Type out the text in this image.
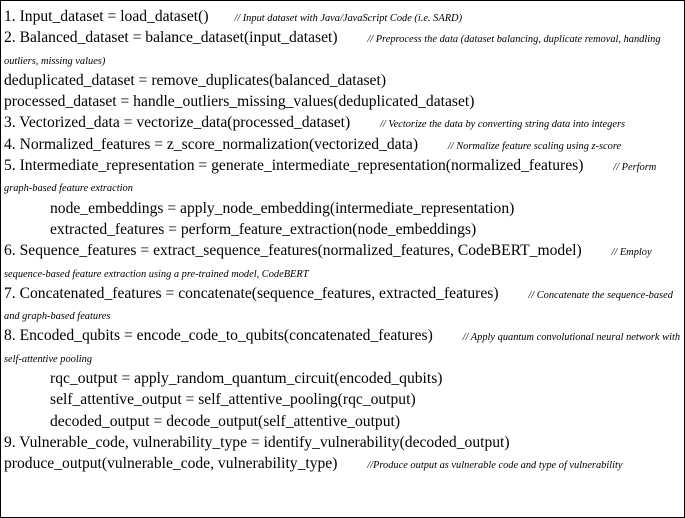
1. Input_dataset = load_dataset() // Input dataset with Java/JavaScript Code (i.e. SARD)
2. Balanced_dataset = balance_dataset(input_dataset)	// Preprocess the data (dataset balancing, duplicate removal, handling outliers, missing values)
deduplicated_dataset = remove_duplicates(balanced_dataset)
processed_dataset = handle_outliers_missing_values(deduplicated_dataset)
3. Vectorized_data = vectorize_data(processed_dataset)	// Vectorize the data by converting string data into integers
4. Normalized_features = z_score_normalization(vectorized_data)	// Normalize feature scaling using z-score
5. Intermediate_representation = generate_intermediate_representation(normalized_features)	// Perform graph-based feature extraction
node_embeddings = apply_node_embedding(intermediate_representation)
extracted_features = perform_feature_extraction(node_embeddings)
6. Sequence_features = extract_sequence_features(normalized_features, CodeBERT_model)	// Employ sequence-based feature extraction using a pre-trained model, CodeBERT
7. Concatenated_features = concatenate(sequence_features, extracted_features)	// Concatenate the sequence-based and graph-based features
8. Encoded_qubits = encode_code_to_qubits(concatenated_features)	// Apply quantum convolutional neural network with self-attentive pooling
rqc_output = apply_random_quantum_circuit(encoded_qubits)
self_attentive_output = self_attentive_pooling(rqc_output)
decoded_output = decode_output(self_attentive_output)
9. Vulnerable_code, vulnerability_type = identify_vulnerability(decoded_output)
produce_output(vulnerable_code, vulnerability_type)	//Produce output as vulnerable code and type of vulnerability
